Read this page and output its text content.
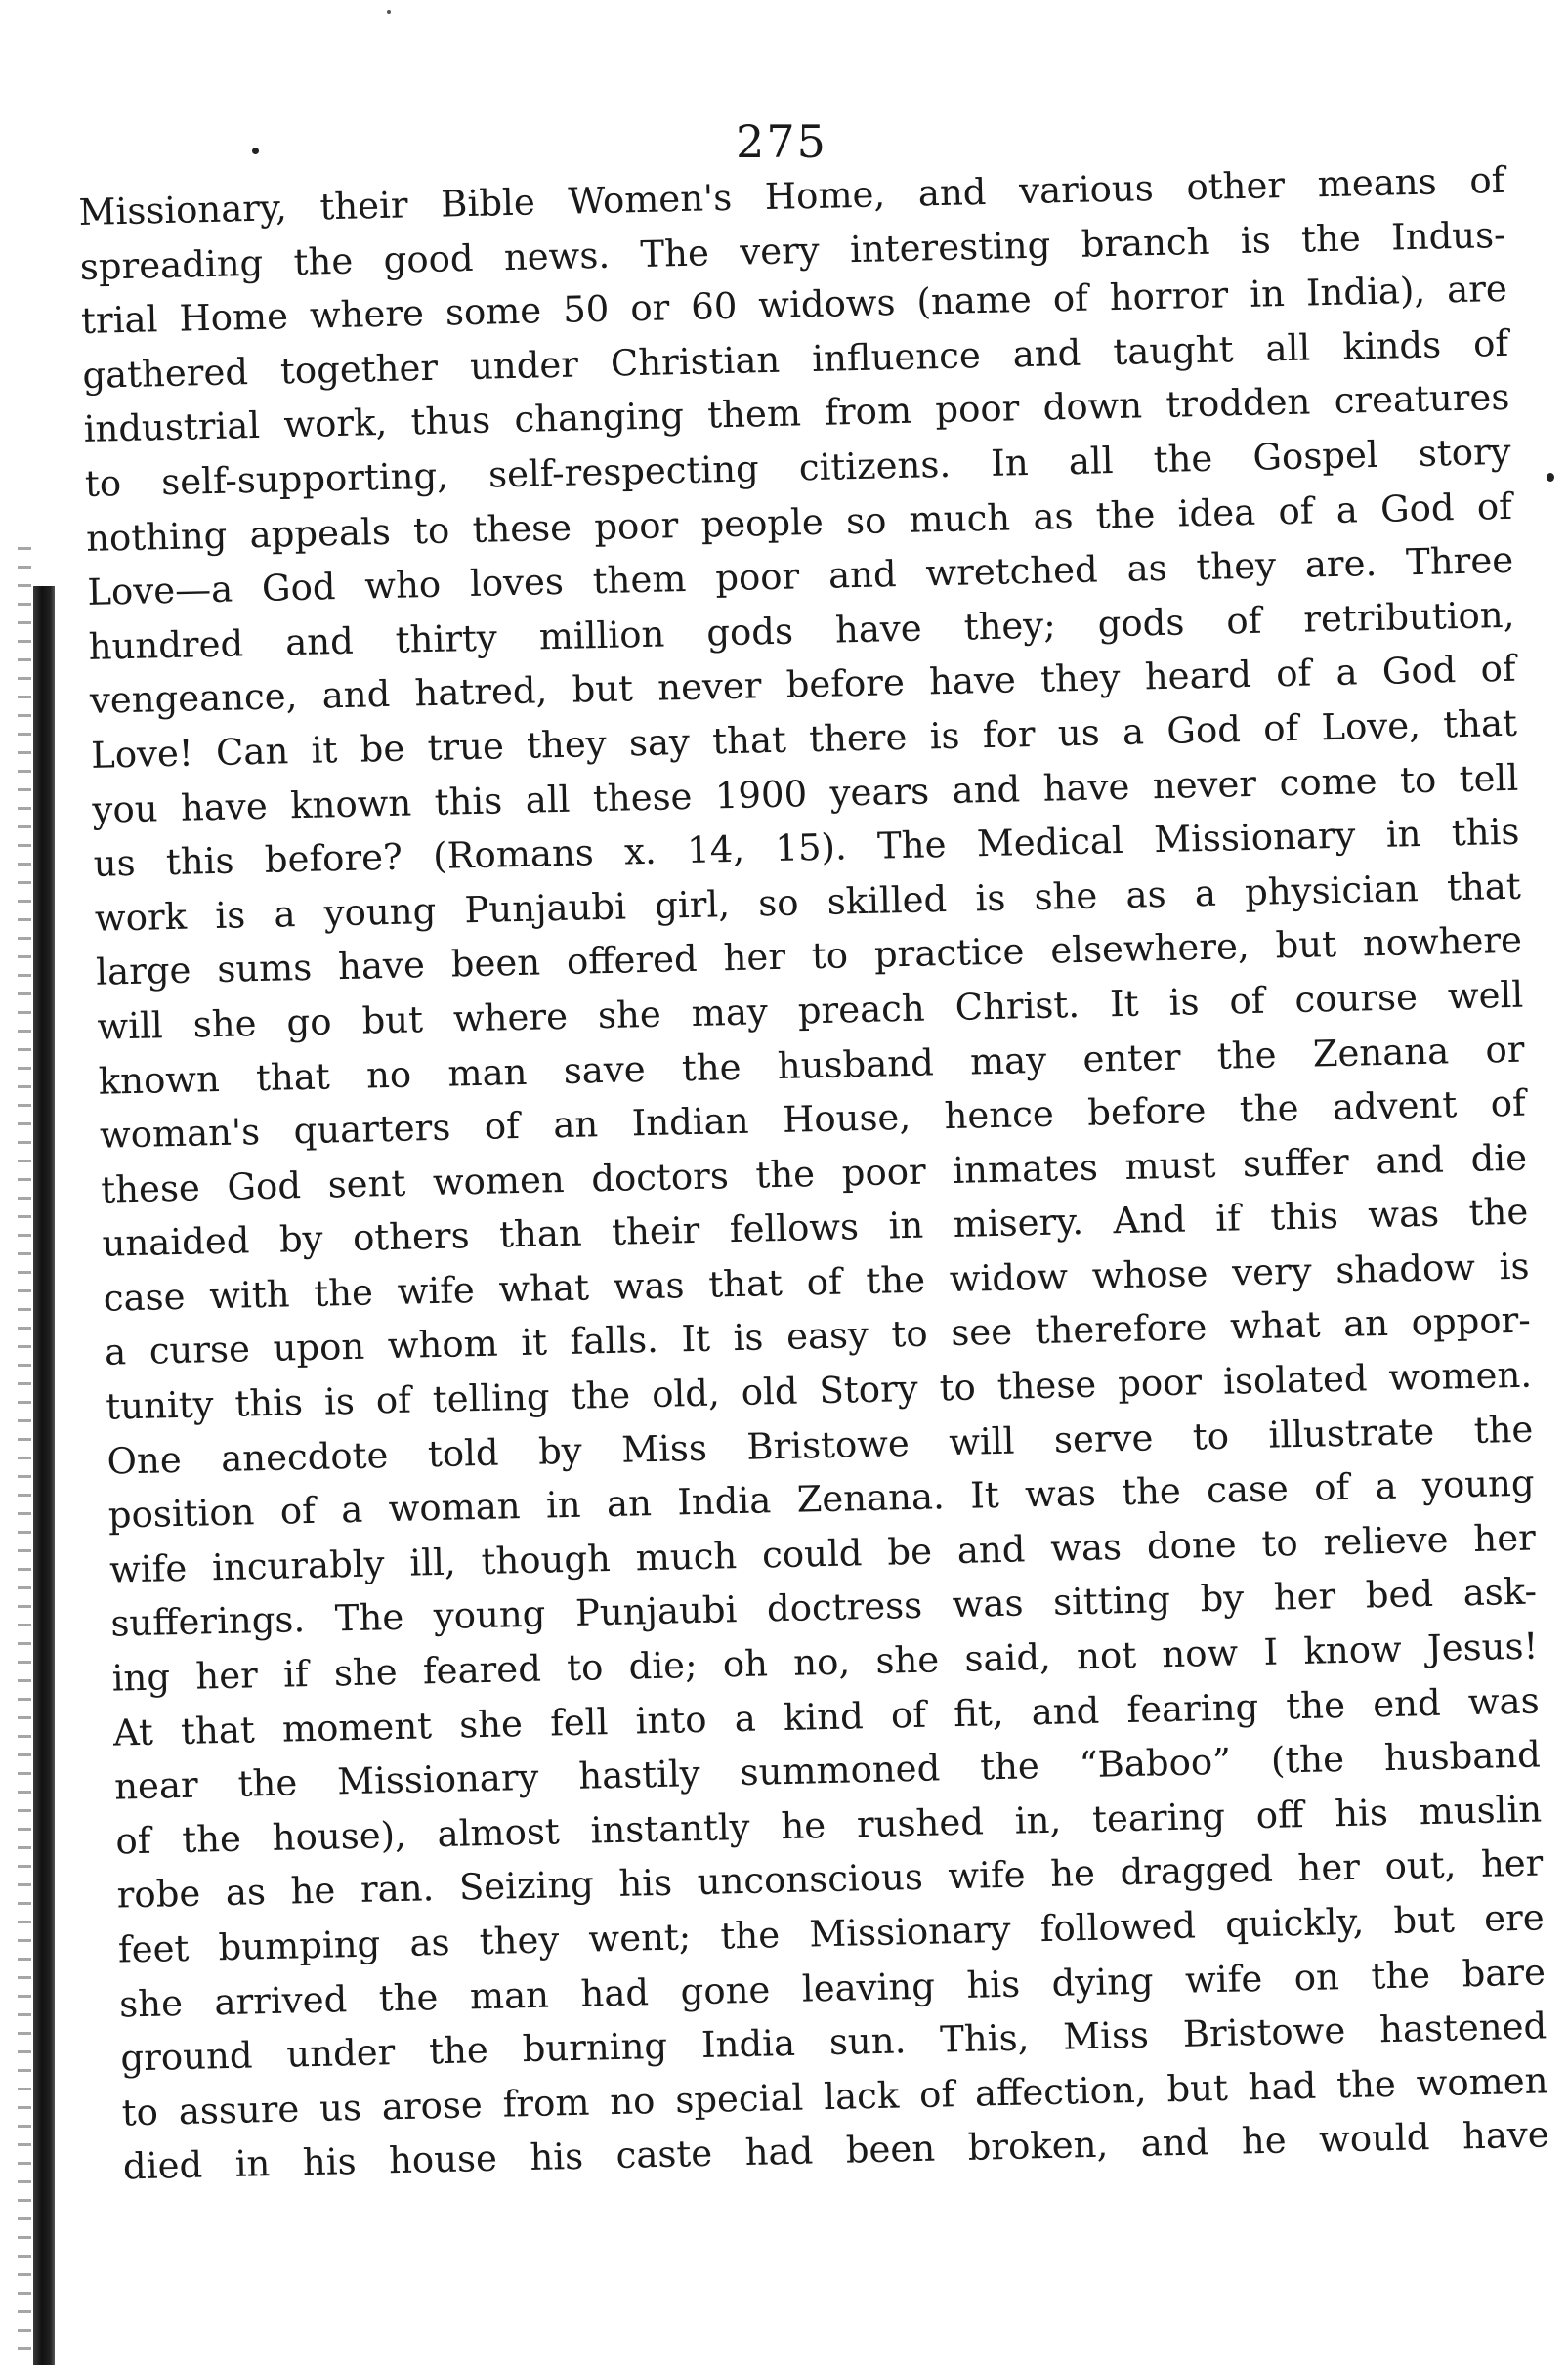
275
Missionary, their Bible Women's Home, and various other means of
spreading the good news. The very interesting branch is the Indus-
trial Home where some 50 or 60 widows (name of horror in India), are
gathered together under Christian influence and taught all kinds of
industrial work, thus changing them from poor down trodden creatures
to self-supporting, self-respecting citizens. In all the Gospel story
nothing appeals to these poor people so much as the idea of a God of
Love—a God who loves them poor and wretched as they are. Three
hundred and thirty million gods have they; gods of retribution,
vengeance, and hatred, but never before have they heard of a God of
Love! Can it be true they say that there is for us a God of Love, that
you have known this all these 1900 years and have never come to tell
us this before? (Romans x. 14, 15). The Medical Missionary in this
work is a young Punjaubi girl, so skilled is she as a physician that
large sums have been offered her to practice elsewhere, but nowhere
will she go but where she may preach Christ. It is of course well
known that no man save the husband may enter the Zenana or
woman's quarters of an Indian House, hence before the advent of
these God sent women doctors the poor inmates must suffer and die
unaided by others than their fellows in misery. And if this was the
case with the wife what was that of the widow whose very shadow is
a curse upon whom it falls. It is easy to see therefore what an oppor-
tunity this is of telling the old, old Story to these poor isolated women.
One anecdote told by Miss Bristowe will serve to illustrate the
position of a woman in an India Zenana. It was the case of a young
wife incurably ill, though much could be and was done to relieve her
sufferings. The young Punjaubi doctress was sitting by her bed ask-
ing her if she feared to die; oh no, she said, not now I know Jesus!
At that moment she fell into a kind of fit, and fearing the end was
near the Missionary hastily summoned the “Baboo” (the husband
of the house), almost instantly he rushed in, tearing off his muslin
robe as he ran. Seizing his unconscious wife he dragged her out, her
feet bumping as they went; the Missionary followed quickly, but ere
she arrived the man had gone leaving his dying wife on the bare
ground under the burning India sun. This, Miss Bristowe hastened
to assure us arose from no special lack of affection, but had the women
died in his house his caste had been broken, and he would have
